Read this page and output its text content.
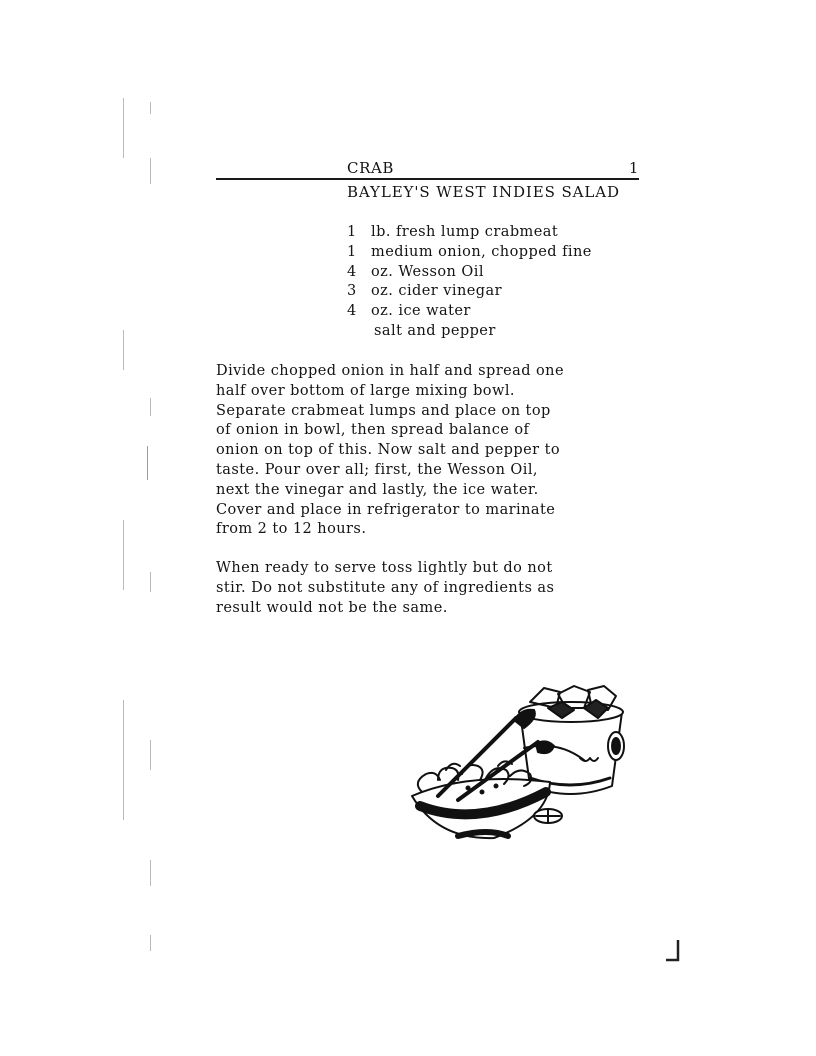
CRAB	1
BAYLEY'S WEST INDIES SALAD
1 lb. fresh lump crabmeat
1 medium onion, chopped fine
4 oz. Wesson Oil
3 oz. cider vinegar
4 oz. ice water
salt and pepper

Divide chopped onion in half and spread one
half over bottom of large mixing bowl.
Separate crabmeat lumps and place on top
of onion in bowl, then spread balance of
onion on top of this. Now salt and pepper to
taste. Pour over all; first, the Wesson Oil,
next the vinegar and lastly, the ice water.
Cover and place in refrigerator to marinate
from 2 to 12 hours.

When ready to serve toss lightly but do not
stir. Do not substitute any of ingredients as
result would not be the same.
